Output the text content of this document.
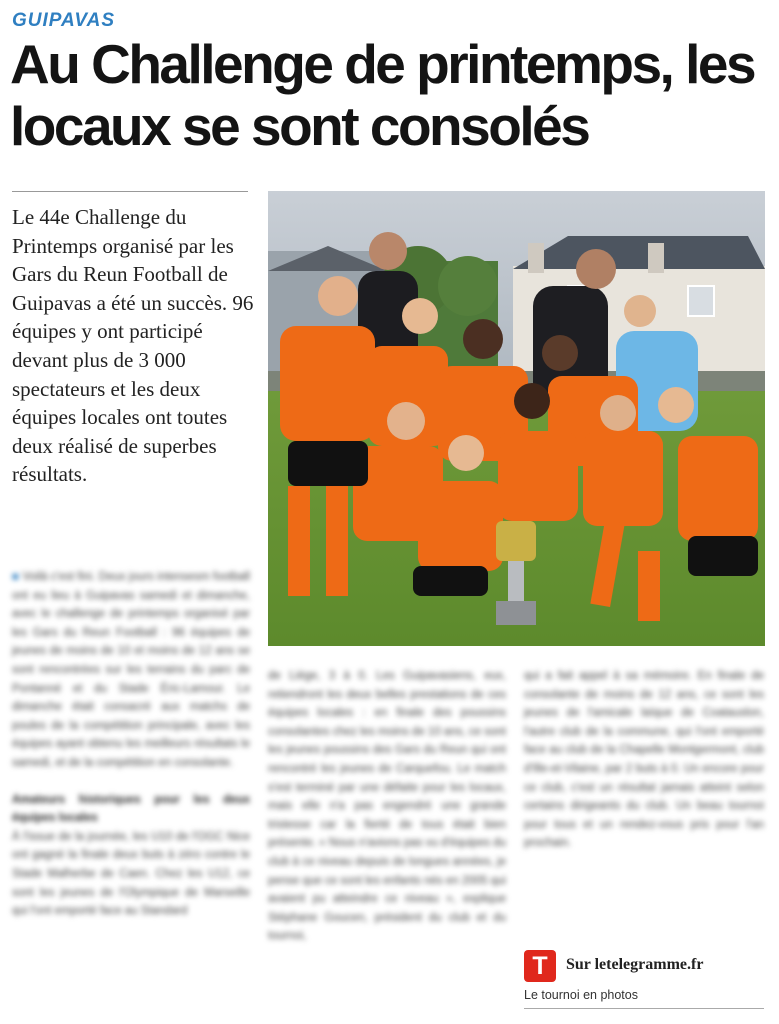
GUIPAVAS
Au Challenge de printemps, les locaux se sont consolés
Le 44e Challenge du Printemps organisé par les Gars du Reun Football de Guipavas a été un succès. 96 équipes y ont participé devant plus de 3 000 spectateurs et les deux équipes locales ont toutes deux réalisé de superbes résultats.
■ Voilà c'est fini. Deux jours intensesm football ont eu lieu à Guipavas samedi et dimanche, avec le challenge de printemps organisé par les Gars du Reun Football : 96 équipes de jeunes de moins de 10 et moins de 12 ans se sont rencontrées sur les terrains du parc de Pontanné et du Stade Éric-Lamour. Le dimanche était consacré aux matchs de poules de la compétition principale, avec les équipes ayant obtenu les meilleurs résultats le samedi, et de la compétition en consolante.
Amateurs historiques pour les deux équipes locales
À l'issue de la journée, les U10 de l'OGC Nice ont gagné la finale deux buts à zéro contre le Stade Malherbe de Caen. Chez les U12, ce sont les jeunes de l'Olympique de Marseille qui l'ont emporté face au Standard
de Liège, 3 à 0. Les Guipavasiens, eux, retiendront les deux belles prestations de ces équipes locales : en finale des poussins consolantes chez les moins de 10 ans, ce sont les jeunes poussins des Gars du Reun qui ont rencontré les jeunes de Carquefou. Le match s'est terminé par une défaite pour les locaux, mais elle n'a pas engendré une grande tristesse car la fierté de tous était bien présente. « Nous n'avions pas vu d'équipes du club à ce niveau depuis de longues années, je pense que ce sont les enfants nés en 2005 qui avaient pu atteindre ce niveau », explique Stéphane Goucen, président du club et du tournoi,
qui a fait appel à sa mémoire. En finale de consolante de moins de 12 ans, ce sont les jeunes de l'amicale laïque de Coatauslon, l'autre club de la commune, qui l'ont emporté face au club de la Chapelle Montgermont, club d'Ille-et-Vilaine, par 2 buts à 0. Un encore pour ce club, c'est un résultat jamais atteint selon certains dirigeants du club. Un beau tournoi pour tous et un rendez-vous pris pour l'an prochain.
T	Sur letelegramme.fr
Le tournoi en photos
